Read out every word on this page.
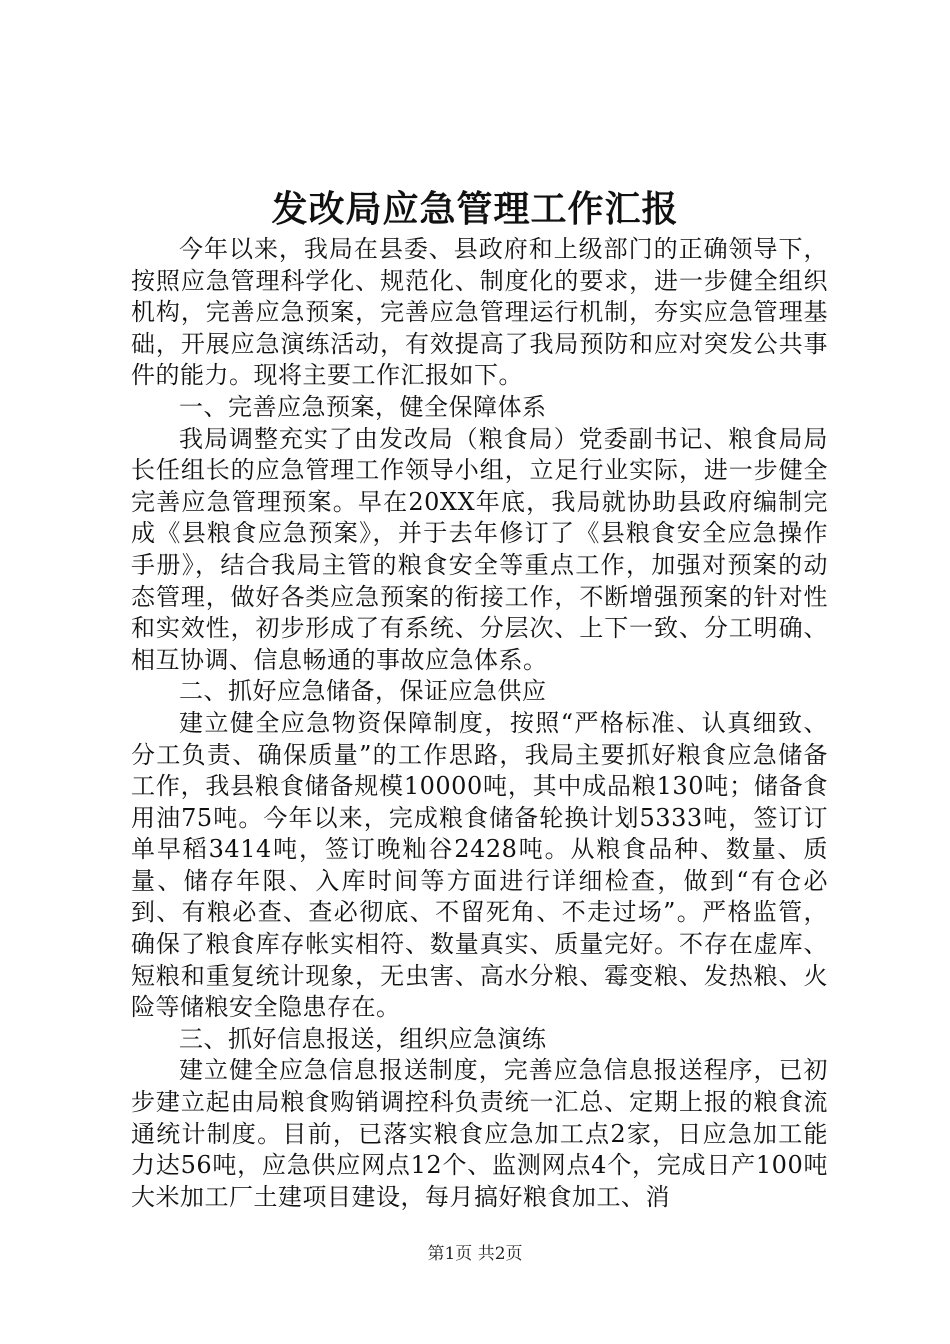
发改局应急管理工作汇报

今年以来，我局在县委、县政府和上级部门的正确领导下，按照应急管理科学化、规范化、制度化的要求，进一步健全组织机构，完善应急预案，完善应急管理运行机制，夯实应急管理基础，开展应急演练活动，有效提高了我局预防和应对突发公共事件的能力。现将主要工作汇报如下。

一、完善应急预案，健全保障体系

我局调整充实了由发改局（粮食局）党委副书记、粮食局局长任组长的应急管理工作领导小组，立足行业实际，进一步健全完善应急管理预案。早在20XX年底，我局就协助县政府编制完成《县粮食应急预案》，并于去年修订了《县粮食安全应急操作手册》，结合我局主管的粮食安全等重点工作，加强对预案的动态管理，做好各类应急预案的衔接工作，不断增强预案的针对性和实效性，初步形成了有系统、分层次、上下一致、分工明确、相互协调、信息畅通的事故应急体系。

二、抓好应急储备，保证应急供应

建立健全应急物资保障制度，按照“严格标准、认真细致、分工负责、确保质量”的工作思路，我局主要抓好粮食应急储备工作，我县粮食储备规模10000吨，其中成品粮130吨；储备食用油75吨。今年以来，完成粮食储备轮换计划5333吨，签订订单早稻3414吨，签订晚籼谷2428吨。从粮食品种、数量、质量、储存年限、入库时间等方面进行详细检查，做到“有仓必到、有粮必查、查必彻底、不留死角、不走过场”。严格监管，确保了粮食库存帐实相符、数量真实、质量完好。不存在虚库、短粮和重复统计现象，无虫害、高水分粮、霉变粮、发热粮、火险等储粮安全隐患存在。

三、抓好信息报送，组织应急演练

建立健全应急信息报送制度，完善应急信息报送程序，已初步建立起由局粮食购销调控科负责统一汇总、定期上报的粮食流通统计制度。目前，已落实粮食应急加工点2家，日应急加工能力达56吨，应急供应网点12个、监测网点4个，完成日产100吨大米加工厂土建项目建设，每月搞好粮食加工、消

第1页 共2页
